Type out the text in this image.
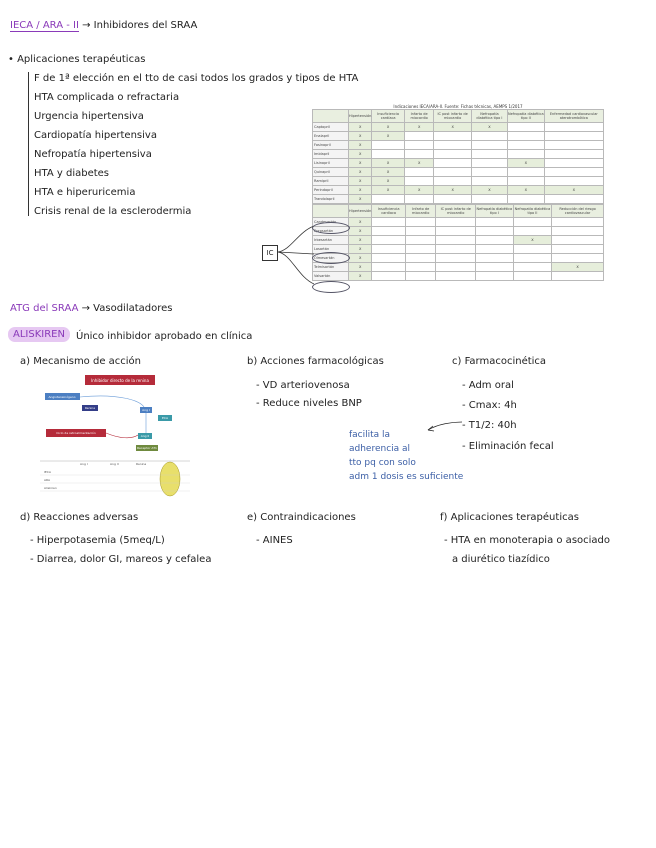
IECA / ARA - II → Inhibidores del SRAA
• Aplicaciones terapéuticas
F de 1ª elección en el tto de casi todos los grados y tipos de HTA
HTA complicada o refractaria
Urgencia hipertensiva
Cardiopatía hipertensiva
Nefropatía hipertensiva
HTA y diabetes
HTA e hiperuricemia
Crisis renal de la esclerodermia
Indicaciones IECA/ARA-II. Fuente: Fichas técnicas, AEMPS 1/2017
	Hipertensión	Insuficiencia cardíaca	Infarto de miocardio	IC post infarto de miocardio	Nefropatía diabética tipo I	Nefropatía diabética tipo II	Enfermedad cardiovascular aterotrombótica
Captopril	X	X	X	X	X		
Enalapril	X	X					
Fosinopril	X						
Imidapril	X						
Lisinopril	X	X	X			X	
Quinapril	X	X					
Ramipril	X	X					
Perindopril	X	X	X	X	X	X	X
Trandolapril	X						
	Hipertensión	Insuficiencia cardíaca	Infarto de miocardio	IC post infarto de miocardio	Nefropatía diabética tipo I	Nefropatía diabética tipo II	Reducción del riesgo cardiovascular
Candesartán	X						
Eprosartán	X						
Irbesartán	X					X	
Losartán	X						
Olmesartán	X						
Telmisartán	X						X
Valsartán	X						
IC
ATG del SRAA → Vasodilatadores
ALISKIREN	Único inhibidor aprobado en clínica
a) Mecanismo de acción
Inhibidor directo de la renina
Angiotensinógeno
Renina	Ang I
ECA
Ang II
Receptor AT1
Ciclo de retroalimentación
Ang I	Ang II	Renina
IECA
ARA
Aliskiren
b) Acciones farmacológicas
- VD arteriovenosa
- Reduce niveles BNP
c) Farmacocinética
- Adm oral
- Cmax: 4h
- T1/2: 40h
- Eliminación fecal
facilita la
adherencia al
tto pq con solo
adm 1 dosis es suficiente
d) Reacciones adversas
- Hiperpotasemia (5meq/L)
- Diarrea, dolor GI, mareos y cefalea
e) Contraindicaciones
- AINES
f) Aplicaciones terapéuticas
- HTA en monoterapia o asociado
a diurético tiazídico
